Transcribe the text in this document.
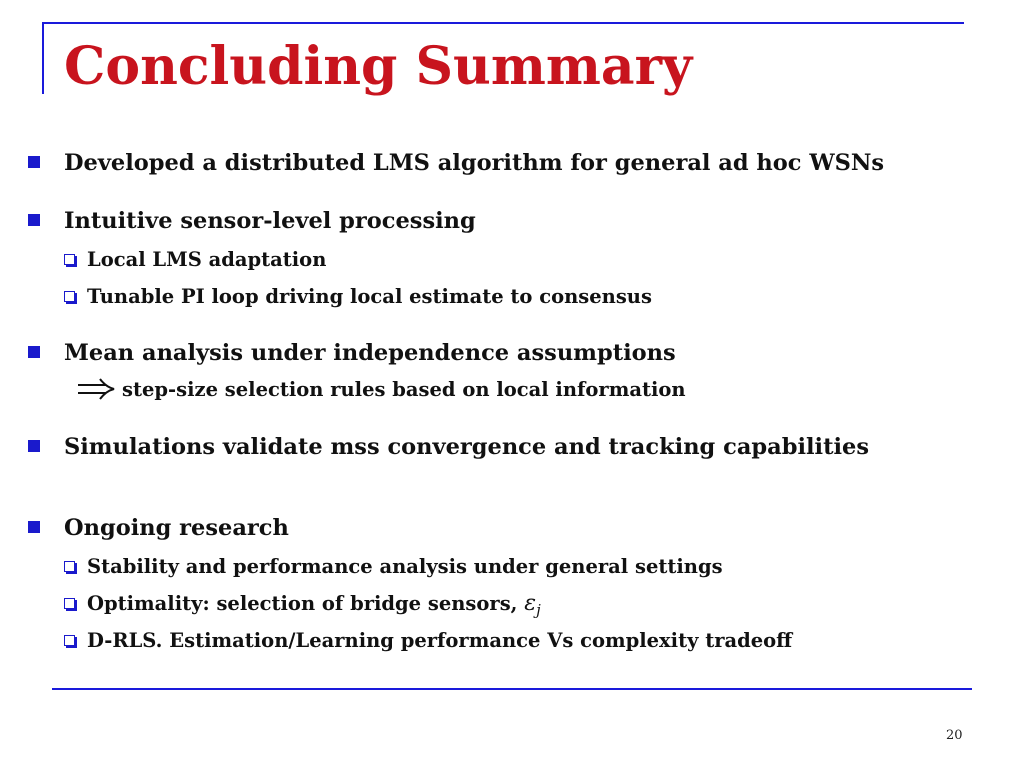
Concluding Summary
Developed a distributed LMS algorithm for general ad hoc WSNs
Intuitive sensor-level processing
Local LMS adaptation
Tunable PI loop driving local estimate to consensus
Mean analysis under independence assumptions
step-size selection rules based on local information
Simulations validate mss convergence and tracking capabilities
Ongoing research
Stability and performance analysis under general settings
Optimality: selection of bridge sensors, $\varepsilon_j$
D-RLS. Estimation/Learning performance Vs complexity tradeoff
20
